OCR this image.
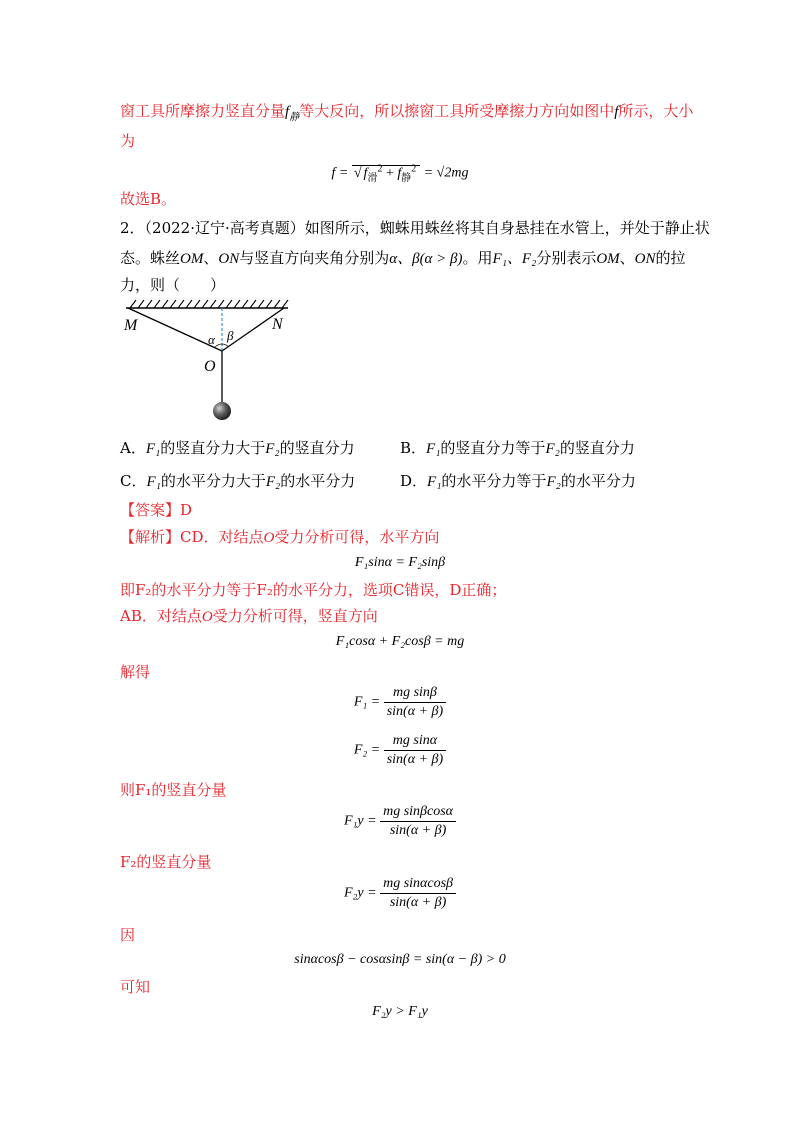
窗工具所摩擦力竖直分量$f_静$等大反向，所以擦窗工具所受摩擦力方向如图中f所示，大小
为
f = √ $f_滑^2 + f_静^2 = √2mg$
故选B。
2．（2022·辽宁·高考真题）如图所示，蜘蛛用蛛丝将其自身悬挂在水管上，并处于静止状
态。蛛丝OM、ON与竖直方向夹角分别为α、β(α > β)。用F₁、F₂分别表示OM、ON的拉
力，则（　　）
M	N
O
α β
A．F₁的竖直分力大于F₂的竖直分力	B．F₁的竖直分力等于F₂的竖直分力
C．F₁的水平分力大于F₂的水平分力	D．F₁的水平分力等于F₂的水平分力
【答案】D
【解析】CD．对结点O受力分析可得，水平方向
F₁sinα = F₂sinβ
即F₂的水平分力等于F₂的水平分力，选项C错误，D正确；
AB．对结点O受力分析可得，竖直方向
F₁cosα + F₂cosβ = mg
解得
$F_1 = \frac{\text{mg sinβ}}{\sin(\alpha + \beta)}$
$F_2 = \frac{\text{mg sinα}}{\sin(\alpha + \beta)}$
则F₁的竖直分量
$F_1y = \frac{\text{mg sinβcosα}}{\sin(\alpha + \beta)}$
F₂的竖直分量
$F_2y = \frac{\text{mg sinαcosβ}}{\sin(\alpha + \beta)}$
因
sinαcosβ − cosαsinβ = sin(α − β) > 0
可知
F₂y > F₁y
